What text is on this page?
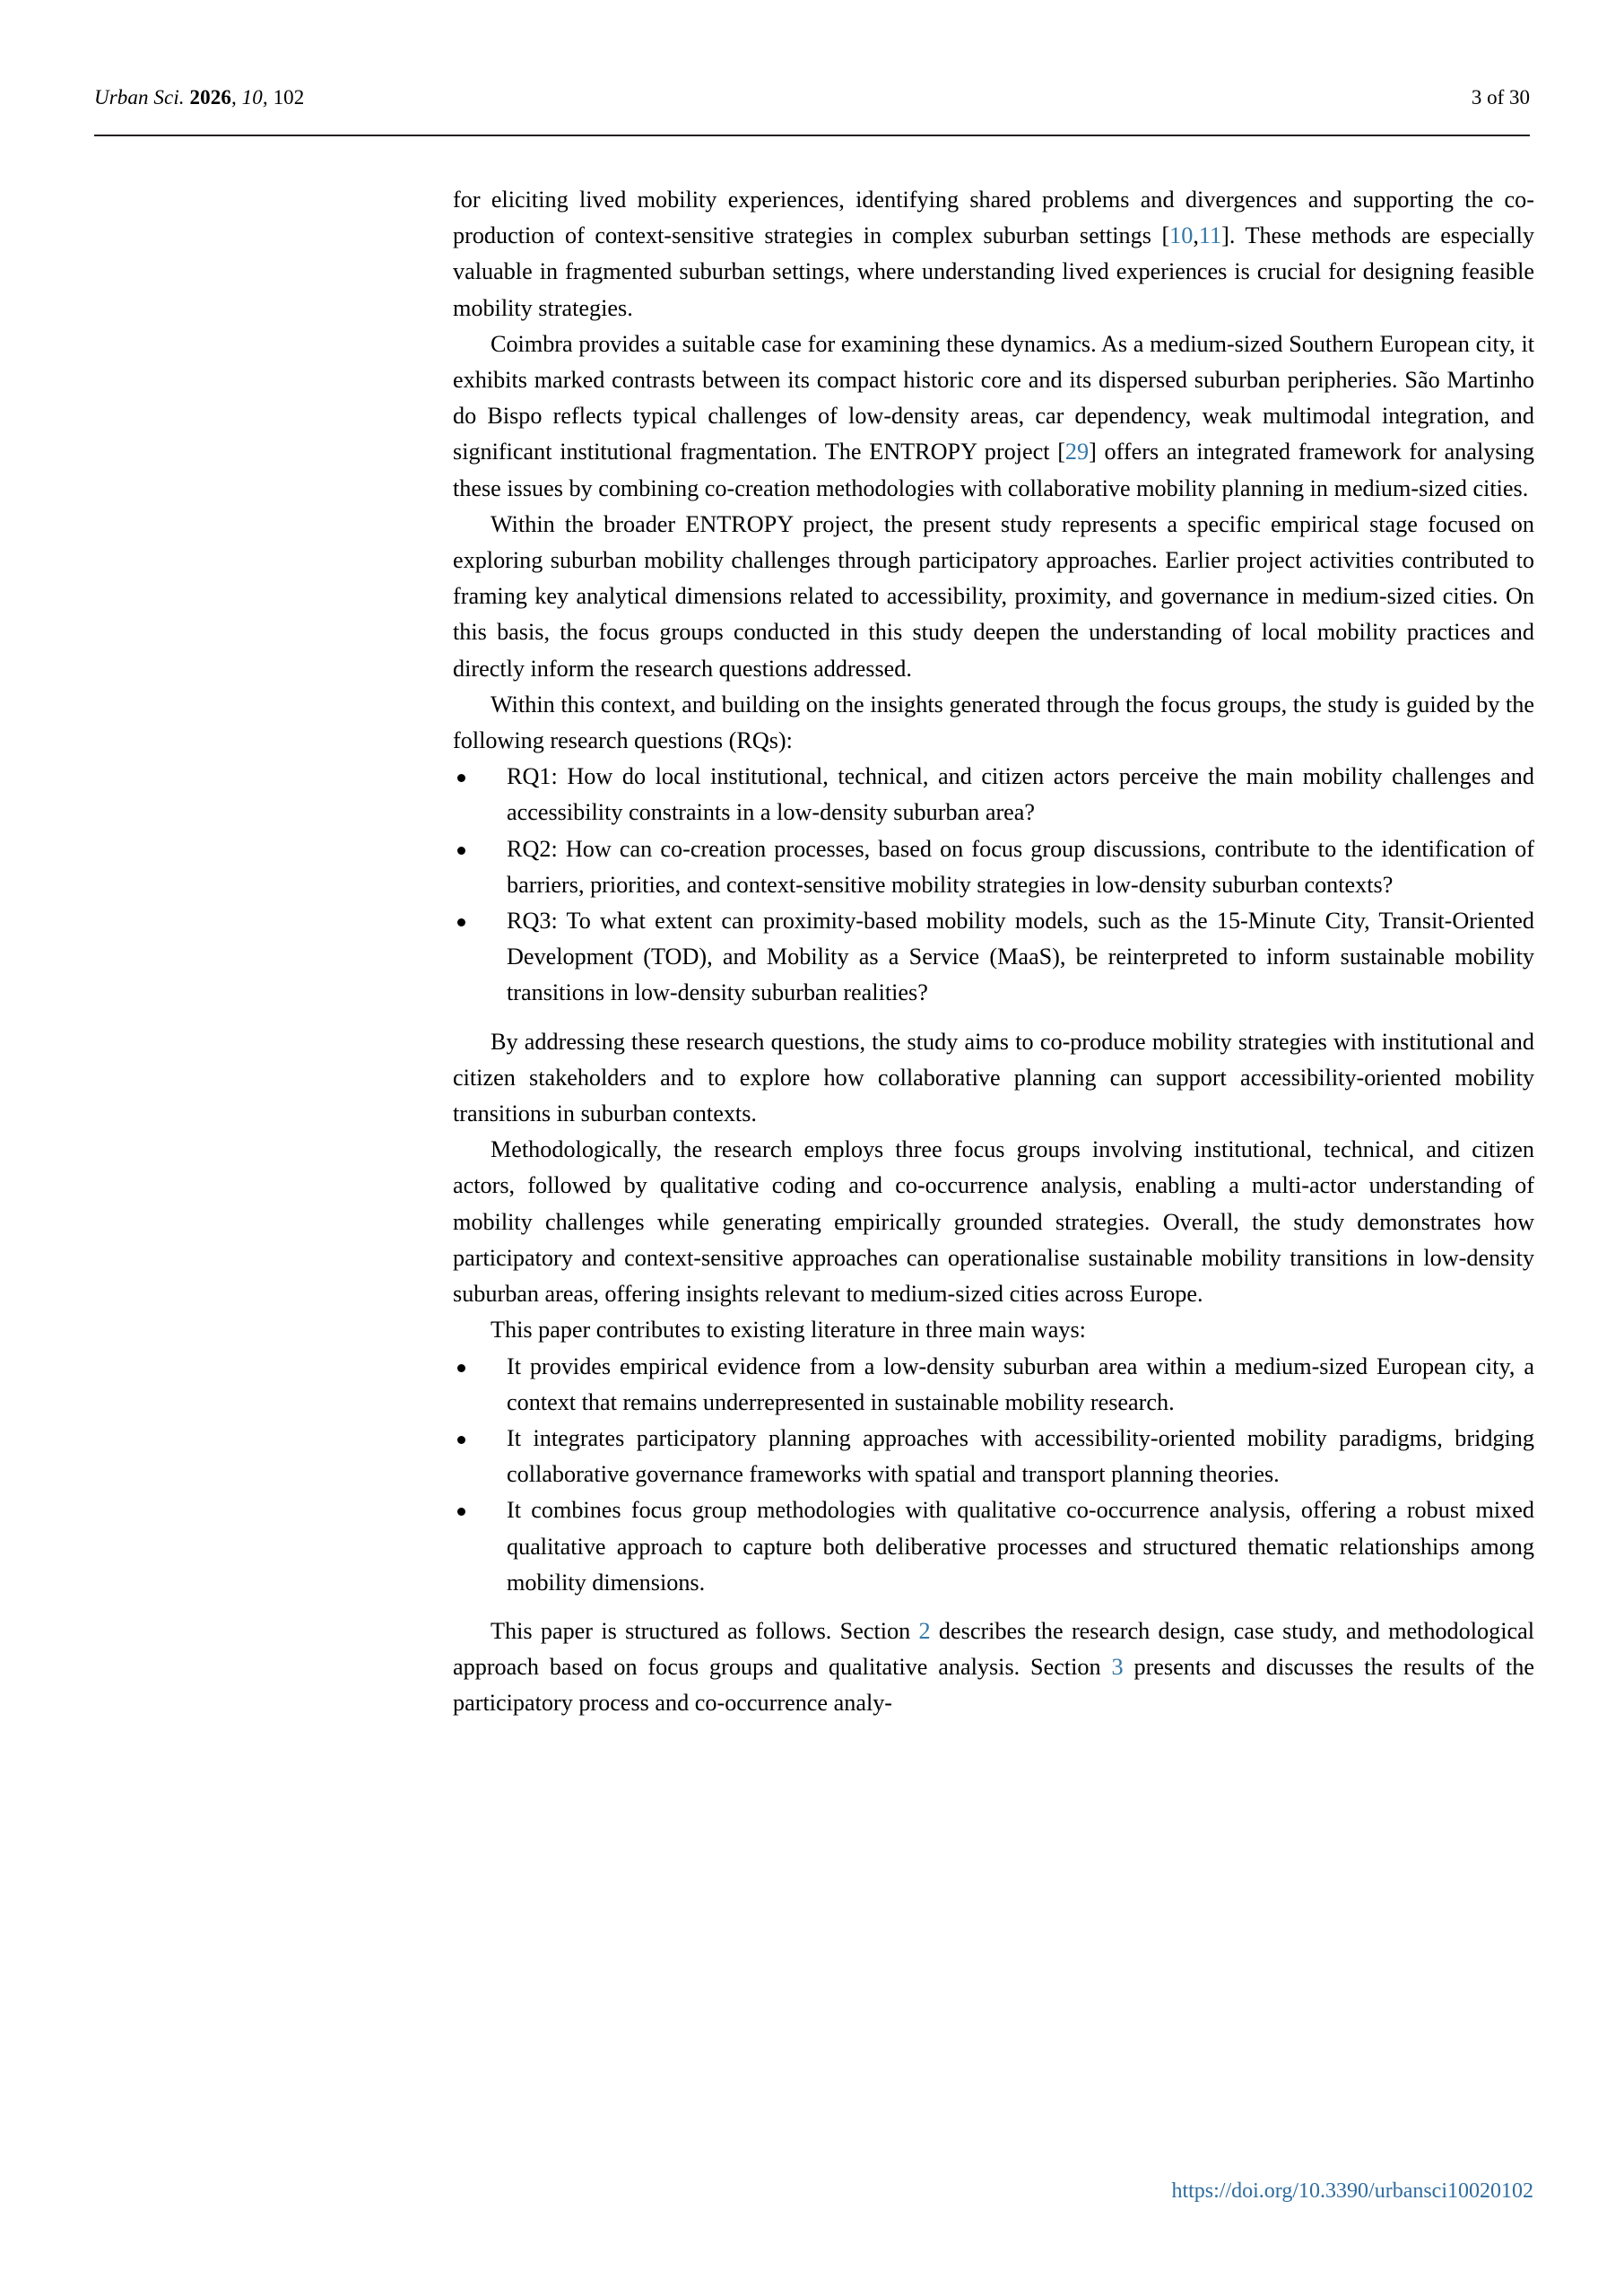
Urban Sci. 2026, 10, 102	3 of 30

for eliciting lived mobility experiences, identifying shared problems and divergences and supporting the co-production of context-sensitive strategies in complex suburban settings [10,11]. These methods are especially valuable in fragmented suburban settings, where understanding lived experiences is crucial for designing feasible mobility strategies.

Coimbra provides a suitable case for examining these dynamics. As a medium-sized Southern European city, it exhibits marked contrasts between its compact historic core and its dispersed suburban peripheries. São Martinho do Bispo reflects typical challenges of low-density areas, car dependency, weak multimodal integration, and significant institutional fragmentation. The ENTROPY project [29] offers an integrated framework for analysing these issues by combining co-creation methodologies with collaborative mobility planning in medium-sized cities.

Within the broader ENTROPY project, the present study represents a specific empirical stage focused on exploring suburban mobility challenges through participatory approaches. Earlier project activities contributed to framing key analytical dimensions related to accessibility, proximity, and governance in medium-sized cities. On this basis, the focus groups conducted in this study deepen the understanding of local mobility practices and directly inform the research questions addressed.

Within this context, and building on the insights generated through the focus groups, the study is guided by the following research questions (RQs):

RQ1: How do local institutional, technical, and citizen actors perceive the main mobility challenges and accessibility constraints in a low-density suburban area?
RQ2: How can co-creation processes, based on focus group discussions, contribute to the identification of barriers, priorities, and context-sensitive mobility strategies in low-density suburban contexts?
RQ3: To what extent can proximity-based mobility models, such as the 15-Minute City, Transit-Oriented Development (TOD), and Mobility as a Service (MaaS), be reinterpreted to inform sustainable mobility transitions in low-density suburban realities?

By addressing these research questions, the study aims to co-produce mobility strategies with institutional and citizen stakeholders and to explore how collaborative planning can support accessibility-oriented mobility transitions in suburban contexts.

Methodologically, the research employs three focus groups involving institutional, technical, and citizen actors, followed by qualitative coding and co-occurrence analysis, enabling a multi-actor understanding of mobility challenges while generating empirically grounded strategies. Overall, the study demonstrates how participatory and context-sensitive approaches can operationalise sustainable mobility transitions in low-density suburban areas, offering insights relevant to medium-sized cities across Europe.

This paper contributes to existing literature in three main ways:

It provides empirical evidence from a low-density suburban area within a medium-sized European city, a context that remains underrepresented in sustainable mobility research.
It integrates participatory planning approaches with accessibility-oriented mobility paradigms, bridging collaborative governance frameworks with spatial and transport planning theories.
It combines focus group methodologies with qualitative co-occurrence analysis, offering a robust mixed qualitative approach to capture both deliberative processes and structured thematic relationships among mobility dimensions.

This paper is structured as follows. Section 2 describes the research design, case study, and methodological approach based on focus groups and qualitative analysis. Section 3 presents and discusses the results of the participatory process and co-occurrence analy-

https://doi.org/10.3390/urbansci10020102
